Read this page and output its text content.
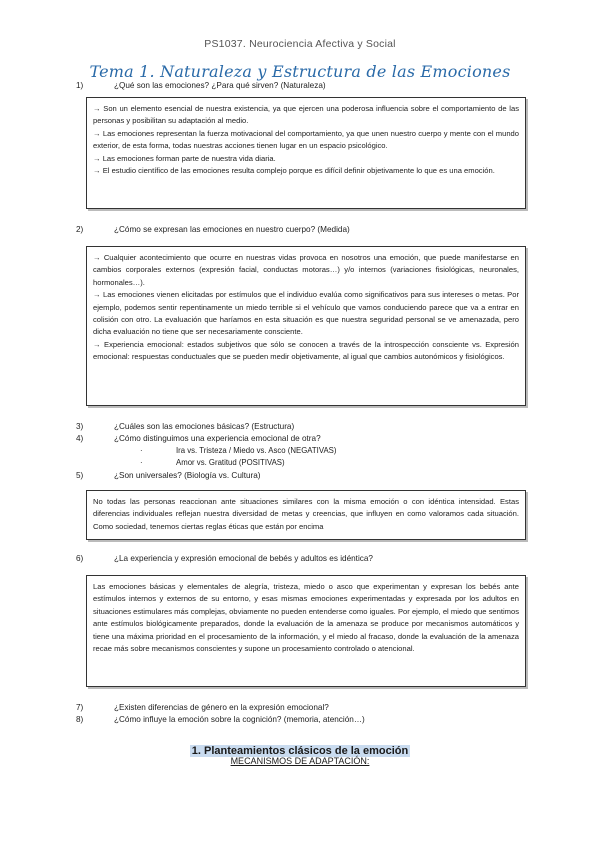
PS1037. Neurociencia Afectiva y Social
Tema 1. Naturaleza y Estructura de las Emociones
1)	¿Qué son las emociones? ¿Para qué sirven? (Naturaleza)

→ Son un elemento esencial de nuestra existencia, ya que ejercen una poderosa influencia sobre el comportamiento de las personas y posibilitan su adaptación al medio.

→ Las emociones representan la fuerza motivacional del comportamiento, ya que unen nuestro cuerpo y mente con el mundo exterior, de esta forma, todas nuestras acciones tienen lugar en un espacio psicológico.

→ Las emociones forman parte de nuestra vida diaria.

→ El estudio científico de las emociones resulta complejo porque es difícil definir objetivamente lo que es una emoción.

2)	¿Cómo se expresan las emociones en nuestro cuerpo? (Medida)

→ Cualquier acontecimiento que ocurre en nuestras vidas provoca en nosotros una emoción, que puede manifestarse en cambios corporales externos (expresión facial, conductas motoras…) y/o internos (variaciones fisiológicas, neuronales, hormonales…).

→ Las emociones vienen elicitadas por estímulos que el individuo evalúa como significativos para sus intereses o metas. Por ejemplo, podemos sentir repentinamente un miedo terrible si el vehículo que vamos conduciendo parece que va a entrar en colisión con otro. La evaluación que haríamos en esta situación es que nuestra seguridad personal se ve amenazada, pero dicha evaluación no tiene que ser necesariamente consciente.

→ Experiencia emocional: estados subjetivos que sólo se conocen a través de la introspección consciente vs. Expresión emocional: respuestas conductuales que se pueden medir objetivamente, al igual que cambios autonómicos y fisiológicos.

3)	¿Cuáles son las emociones básicas? (Estructura)
4)	¿Cómo distinguimos una experiencia emocional de otra?
·	Ira vs. Tristeza / Miedo vs. Asco (NEGATIVAS)
·	Amor vs. Gratitud (POSITIVAS)
5)	¿Son universales? (Biología vs. Cultura)

No todas las personas reaccionan ante situaciones similares con la misma emoción o con idéntica intensidad. Estas diferencias individuales reflejan nuestra diversidad de metas y creencias, que influyen en como valoramos cada situación. Como sociedad, tenemos ciertas reglas éticas que están por encima

6)	¿La experiencia y expresión emocional de bebés y adultos es idéntica?

Las emociones básicas y elementales de alegría, tristeza, miedo o asco que experimentan y expresan los bebés ante estímulos internos y externos de su entorno, y esas mismas emociones experimentadas y expresada por los adultos en situaciones estimulares más complejas, obviamente no pueden entenderse como iguales. Por ejemplo, el miedo que sentimos ante estímulos biológicamente preparados, donde la evaluación de la amenaza se produce por mecanismos automáticos y tiene una máxima prioridad en el procesamiento de la información, y el miedo al fracaso, donde la evaluación de la amenaza recae más sobre mecanismos conscientes y supone un procesamiento controlado o atencional.

7)	¿Existen diferencias de género en la expresión emocional?
8)	¿Cómo influye la emoción sobre la cognición? (memoria, atención…)
1. Planteamientos clásicos de la emoción
MECANISMOS DE ADAPTACIÓN:
